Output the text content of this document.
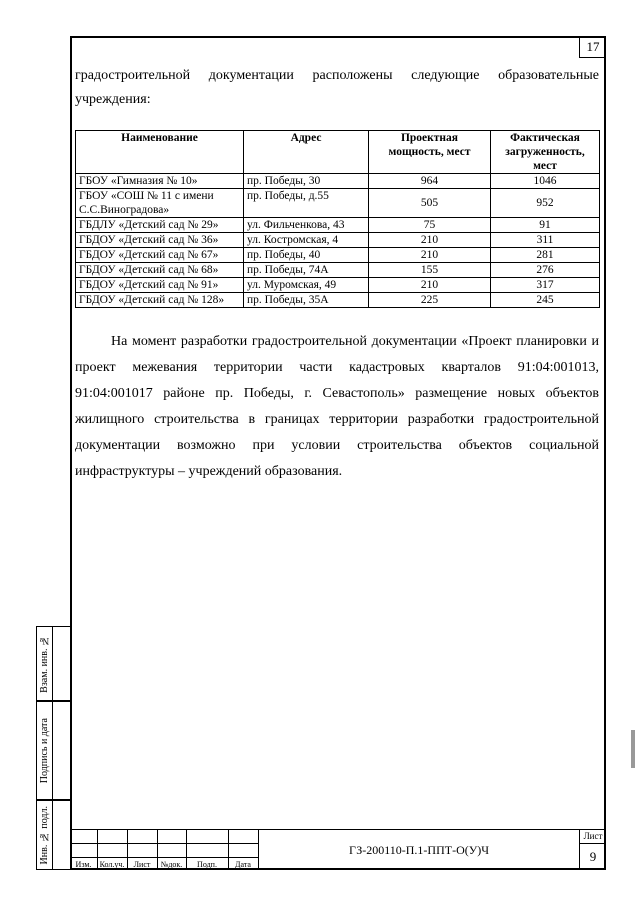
17
градостроительной документации расположены следующие образовательные учреждения:
Наименование	Адрес	Проектная мощность, мест	Фактическая загруженность, мест
ГБОУ «Гимназия № 10»	пр. Победы, 30	964	1046
ГБОУ «СОШ № 11 с имени С.С.Виноградова»	пр. Победы, д.55	505	952
ГБДЛУ «Детский сад № 29»	ул. Фильченкова, 43	75	91
ГБДОУ «Детский сад № 36»	ул. Костромская, 4	210	311
ГБДОУ «Детский сад № 67»	пр. Победы, 40	210	281
ГБДОУ «Детский сад № 68»	пр. Победы, 74А	155	276
ГБДОУ «Детский сад № 91»	ул. Муромская, 49	210	317
ГБДОУ «Детский сад № 128»	пр. Победы, 35А	225	245
На момент разработки градостроительной документации «Проект планировки и проект межевания территории части кадастровых кварталов 91:04:001013, 91:04:001017 районе пр. Победы, г. Севастополь» размещение новых объектов жилищного строительства в границах территории разработки градостроительной документации возможно при условии строительства объектов социальной инфраструктуры – учреждений образования.
Взам. инв. №
Подпись и дата
Инв. № подл.
Изм.	Кол.уч.	Лист	№док.	Подп.	Дата
ГЗ-200110-П.1-ППТ-О(У)Ч
Лист
9
